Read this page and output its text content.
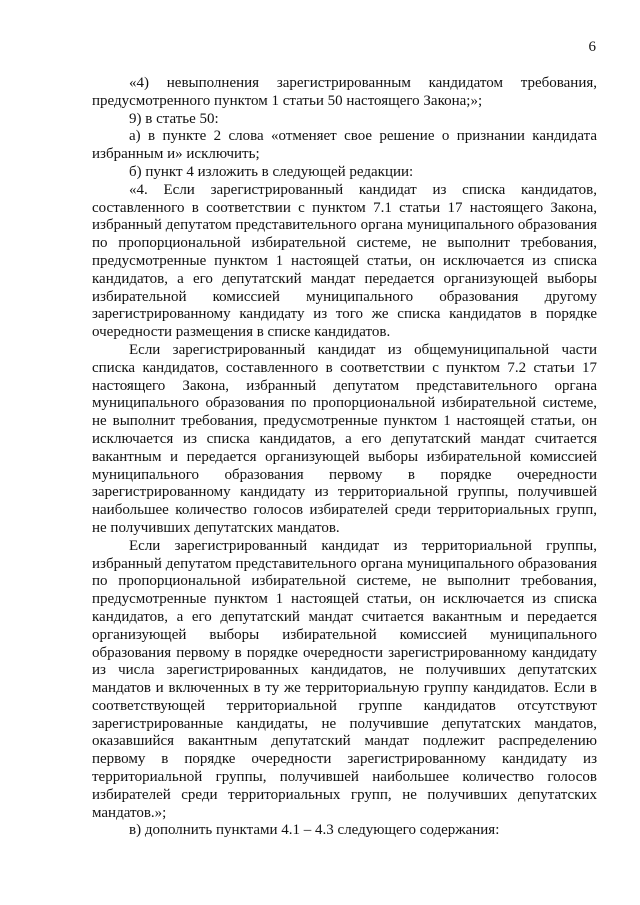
6

«4) невыполнения зарегистрированным кандидатом требования, предусмотренного пунктом 1 статьи 50 настоящего Закона;»;

9) в статье 50:

а) в пункте 2 слова «отменяет свое решение о признании кандидата избранным и» исключить;

б) пункт 4 изложить в следующей редакции:

«4. Если зарегистрированный кандидат из списка кандидатов, составленного в соответствии с пунктом 7.1 статьи 17 настоящего Закона, избранный депутатом представительного органа муниципального образования по пропорциональной избирательной системе, не выполнит требования, предусмотренные пунктом 1 настоящей статьи, он исключается из списка кандидатов, а его депутатский мандат передается организующей выборы избирательной комиссией муниципального образования другому зарегистрированному кандидату из того же списка кандидатов в порядке очередности размещения в списке кандидатов.

Если зарегистрированный кандидат из общемуниципальной части списка кандидатов, составленного в соответствии с пунктом 7.2 статьи 17 настоящего Закона, избранный депутатом представительного органа муниципального образования по пропорциональной избирательной системе, не выполнит требования, предусмотренные пунктом 1 настоящей статьи, он исключается из списка кандидатов, а его депутатский мандат считается вакантным и передается организующей выборы избирательной комиссией муниципального образования первому в порядке очередности зарегистрированному кандидату из территориальной группы, получившей наибольшее количество голосов избирателей среди территориальных групп, не получивших депутатских мандатов.

Если зарегистрированный кандидат из территориальной группы, избранный депутатом представительного органа муниципального образования по пропорциональной избирательной системе, не выполнит требования, предусмотренные пунктом 1 настоящей статьи, он исключается из списка кандидатов, а его депутатский мандат считается вакантным и передается организующей выборы избирательной комиссией муниципального образования первому в порядке очередности зарегистрированному кандидату из числа зарегистрированных кандидатов, не получивших депутатских мандатов и включенных в ту же территориальную группу кандидатов. Если в соответствующей территориальной группе кандидатов отсутствуют зарегистрированные кандидаты, не получившие депутатских мандатов, оказавшийся вакантным депутатский мандат подлежит распределению первому в порядке очередности зарегистрированному кандидату из территориальной группы, получившей наибольшее количество голосов избирателей среди территориальных групп, не получивших депутатских мандатов.»;

в) дополнить пунктами 4.1 – 4.3 следующего содержания:
